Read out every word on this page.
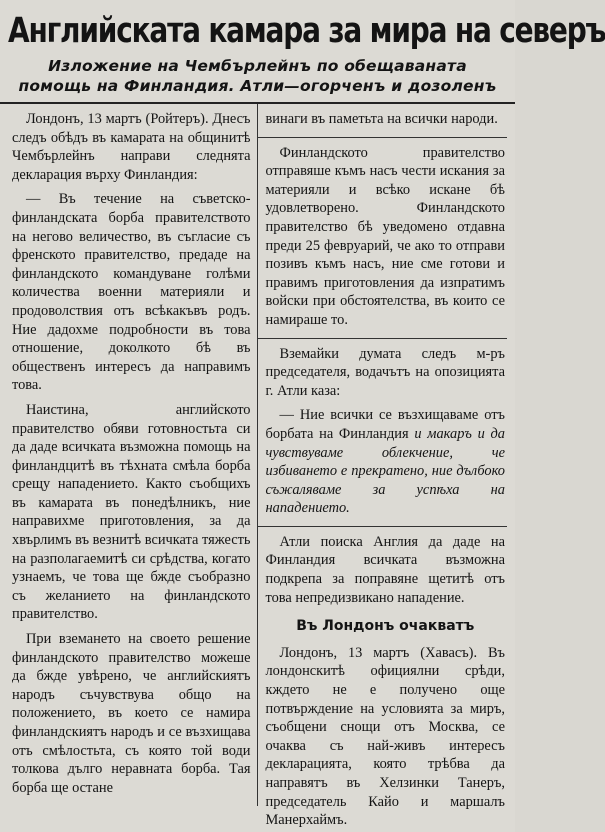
Английската камара за мира на северъ
Изложение на Чембърлейнъ по обещаваната помощь на Финландия. Атли—огорченъ и дозоленъ

Лондонъ, 13 мартъ (Ройтеръ). Днесъ следъ обѣдъ въ камарата на общинитѣ Чембърлейнъ направи следнята декларация върху Финландия:

— Въ течение на съветско-финландската борба правителството на негово величество, въ съгласие съ френското правителство, предаде на финландското командуване голѣми количества военни материяли и продоволствия отъ всѣкакъвъ родъ. Ние дадохме подробности въ това отношение, доколкото бѣ въ общественъ интересъ да направимъ това.

Наистина, английското правителство обяви готовностьта си да даде всичката възможна помощь на финландцитѣ въ тѣхната смѣла борба срещу нападението. Както съобщихъ въ камарата въ понедѣлникъ, ние направихме приготовления, за да хвърлимъ въ везнитѣ всичката тяжесть на разполагаемитѣ си срѣдства, когато узнаемъ, че това ще бжде съобразно съ желанието на финландското правителство.

При вземането на своето решение финландското правителство можеше да бжде увѣрено, че английскиятъ народъ съчувствува общо на положението, въ което се намира финландскиятъ народъ и се възхищава отъ смѣлостьта, съ която той води толкова дълго неравната борба. Тая борба ще остане

винаги въ паметьта на всички народи.

Финландското правителство отправяше къмъ насъ чести искания за материяли и всѣко искане бѣ удовлетворено. Финландското правителство бѣ уведомено отдавна преди 25 февруарий, че ако то отправи позивъ къмъ насъ, ние сме готови и правимъ приготовления да изпратимъ войски при обстоятелства, въ които се намираше то.

Вземайки думата следъ м-ръ председателя, водачътъ на опозицията г. Атли каза:

— Ние всички се възхищаваме отъ борбата на Финландия и макаръ и да чувствуваме облекчение, че избиването е прекратено, ние дълбоко съжаляваме за успѣха на нападението.

Атли поиска Англия да даде на Финландия всичката възможна подкрепа за поправяне щетитѣ отъ това непредизвикано нападение.

Въ Лондонъ очакватъ

Лондонъ, 13 мартъ (Хавасъ). Въ лондонскитѣ официялни срѣди, кждето не е получено още потвърждение на условията за миръ, съобщени снощи отъ Москва, се очаква съ най-живъ интересъ декларацията, която трѣбва да направятъ въ Хелзинки Танеръ, председатель Кайо и маршалъ Манерхаймъ.
